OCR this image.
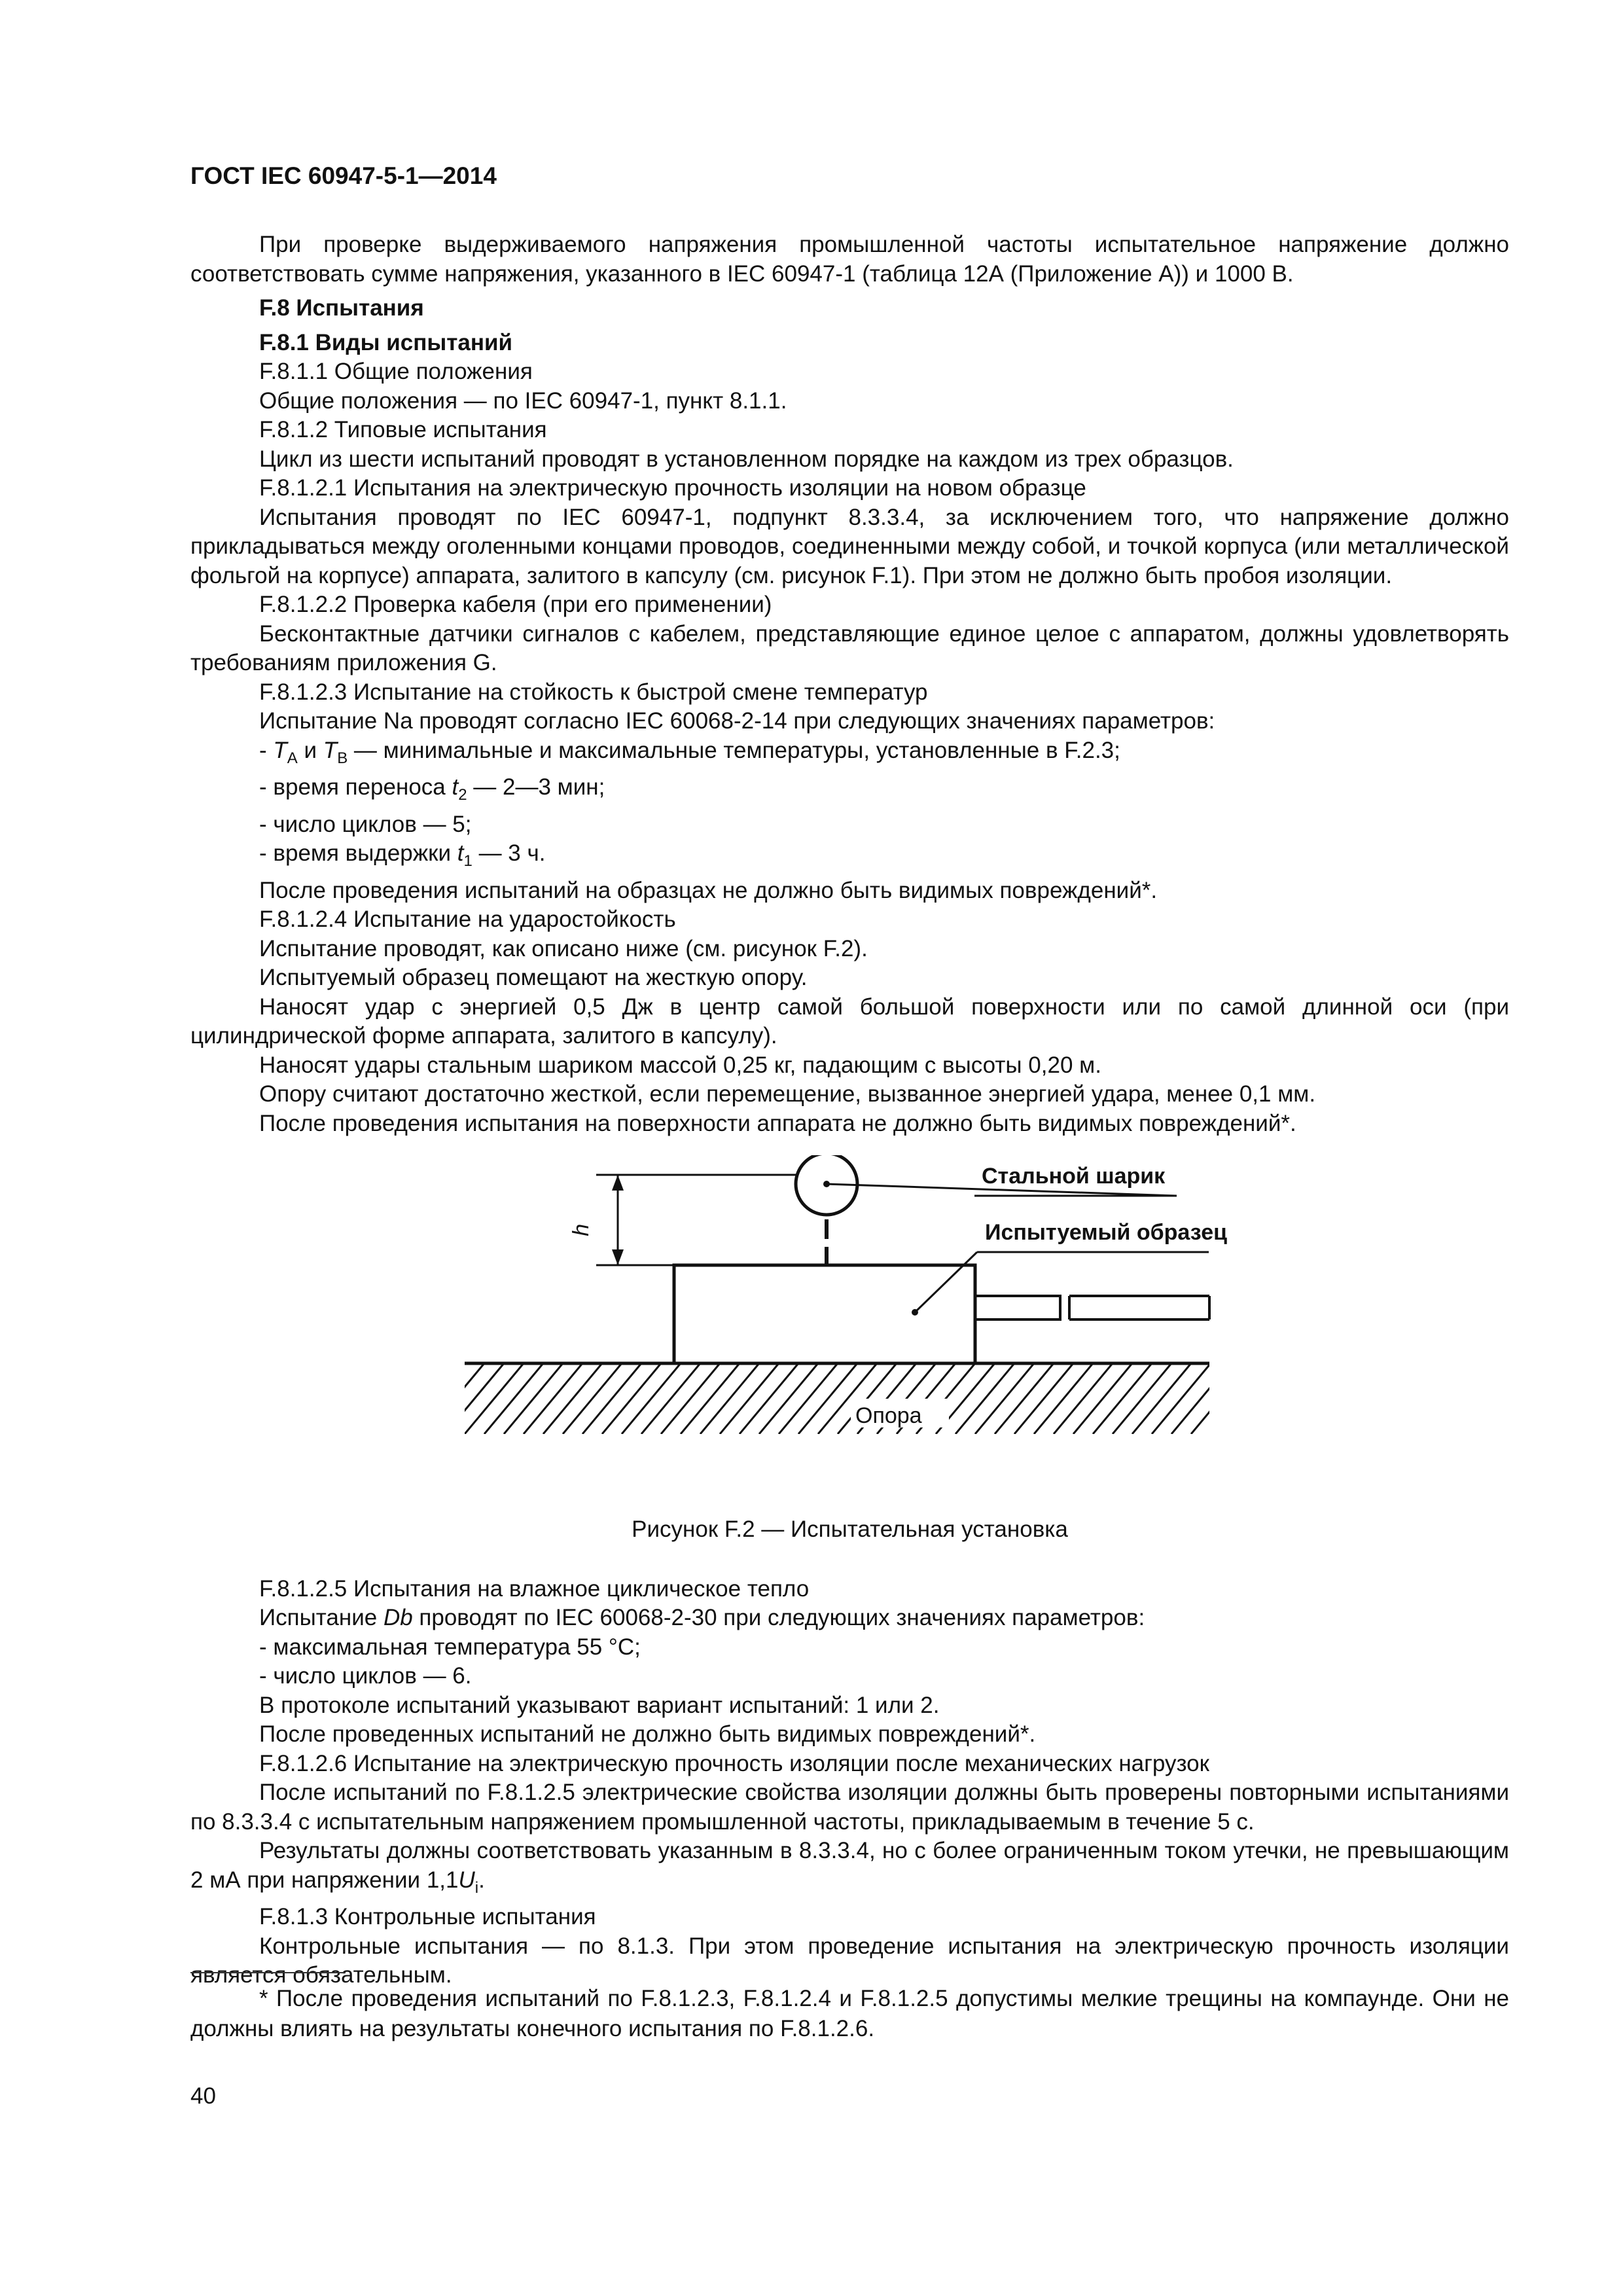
ГОСТ IEC 60947-5-1—2014

При проверке выдерживаемого напряжения промышленной частоты испытательное напряжение должно соответствовать сумме напряжения, указанного в IEC 60947-1 (таблица 12А (Приложение А)) и 1000 В.

F.8 Испытания

F.8.1 Виды испытаний

F.8.1.1 Общие положения

Общие положения — по IEC 60947-1, пункт 8.1.1.

F.8.1.2 Типовые испытания

Цикл из шести испытаний проводят в установленном порядке на каждом из трех образцов.

F.8.1.2.1 Испытания на электрическую прочность изоляции на новом образце

Испытания проводят по IEC 60947-1, подпункт 8.3.3.4, за исключением того, что напряжение должно прикладываться между оголенными концами проводов, соединенными между собой, и точкой корпуса (или металлической фольгой на корпусе) аппарата, залитого в капсулу (см. рисунок F.1). При этом не должно быть пробоя изоляции.

F.8.1.2.2 Проверка кабеля (при его применении)

Бесконтактные датчики сигналов с кабелем, представляющие единое целое с аппаратом, должны удовлетворять требованиям приложения G.

F.8.1.2.3 Испытание на стойкость к быстрой смене температур

Испытание Na проводят согласно IEC 60068-2-14 при следующих значениях параметров:

- $T_A$ и $T_B$ — минимальные и максимальные температуры, установленные в F.2.3;

- время переноса $t_2$ — 2—3 мин;

- число циклов — 5;

- время выдержки $t_1$ — 3 ч.

После проведения испытаний на образцах не должно быть видимых повреждений*.

F.8.1.2.4 Испытание на ударостойкость

Испытание проводят, как описано ниже (см. рисунок F.2).

Испытуемый образец помещают на жесткую опору.

Наносят удар с энергией 0,5 Дж в центр самой большой поверхности или по самой длинной оси (при цилиндрической форме аппарата, залитого в капсулу).

Наносят удары стальным шариком массой 0,25 кг, падающим с высоты 0,20 м.

Опору считают достаточно жесткой, если перемещение, вызванное энергией удара, менее 0,1 мм.

После проведения испытания на поверхности аппарата не должно быть видимых повреждений*.

Стальной шарик
Испытуемый образец
Опора
h

Рисунок F.2 — Испытательная установка

F.8.1.2.5 Испытания на влажное циклическое тепло

Испытание Db проводят по IEC 60068-2-30 при следующих значениях параметров:

- максимальная температура 55 °С;

- число циклов — 6.

В протоколе испытаний указывают вариант испытаний: 1 или 2.

После проведенных испытаний не должно быть видимых повреждений*.

F.8.1.2.6 Испытание на электрическую прочность изоляции после механических нагрузок

После испытаний по F.8.1.2.5 электрические свойства изоляции должны быть проверены повторными испытаниями по 8.3.3.4 с испытательным напряжением промышленной частоты, прикладываемым в течение 5 с.

Результаты должны соответствовать указанным в 8.3.3.4, но с более ограниченным током утечки, не превышающим 2 мА при напряжении $1,1U_i$.

F.8.1.3 Контрольные испытания

Контрольные испытания — по 8.1.3. При этом проведение испытания на электрическую прочность изоляции является обязательным.

* После проведения испытаний по F.8.1.2.3, F.8.1.2.4 и F.8.1.2.5 допустимы мелкие трещины на компаунде. Они не должны влиять на результаты конечного испытания по F.8.1.2.6.

40
